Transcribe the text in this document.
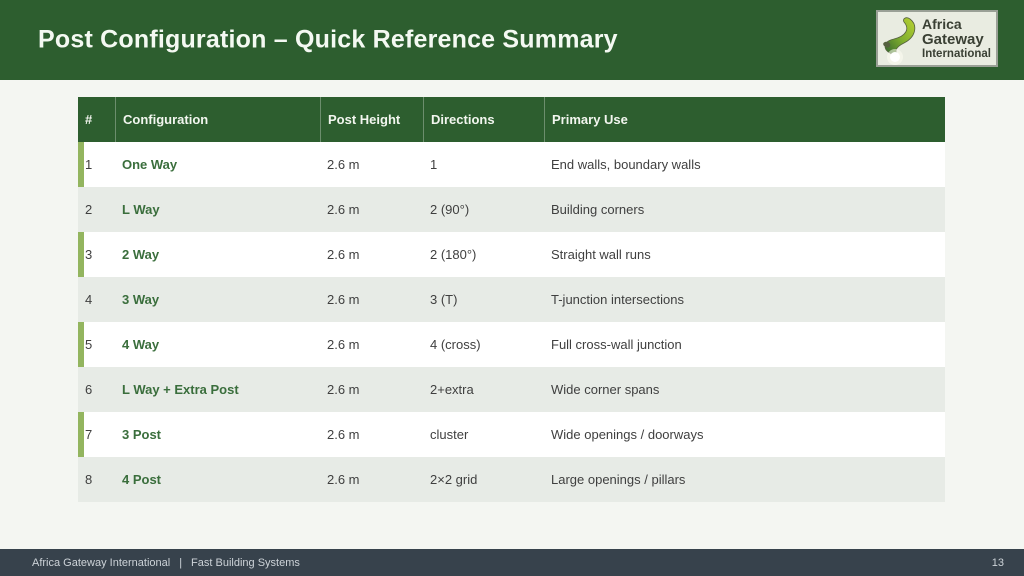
Post Configuration – Quick Reference Summary
Africa
Gateway
International
#	Configuration	Post Height	Directions	Primary Use
1	One Way	2.6 m	1	End walls, boundary walls
2	L Way	2.6 m	2 (90°)	Building corners
3	2 Way	2.6 m	2 (180°)	Straight wall runs
4	3 Way	2.6 m	3 (T)	T-junction intersections
5	4 Way	2.6 m	4 (cross)	Full cross-wall junction
6	L Way + Extra Post	2.6 m	2+extra	Wide corner spans
7	3 Post	2.6 m	cluster	Wide openings / doorways
8	4 Post	2.6 m	2×2 grid	Large openings / pillars
Africa Gateway International | Fast Building Systems	13
